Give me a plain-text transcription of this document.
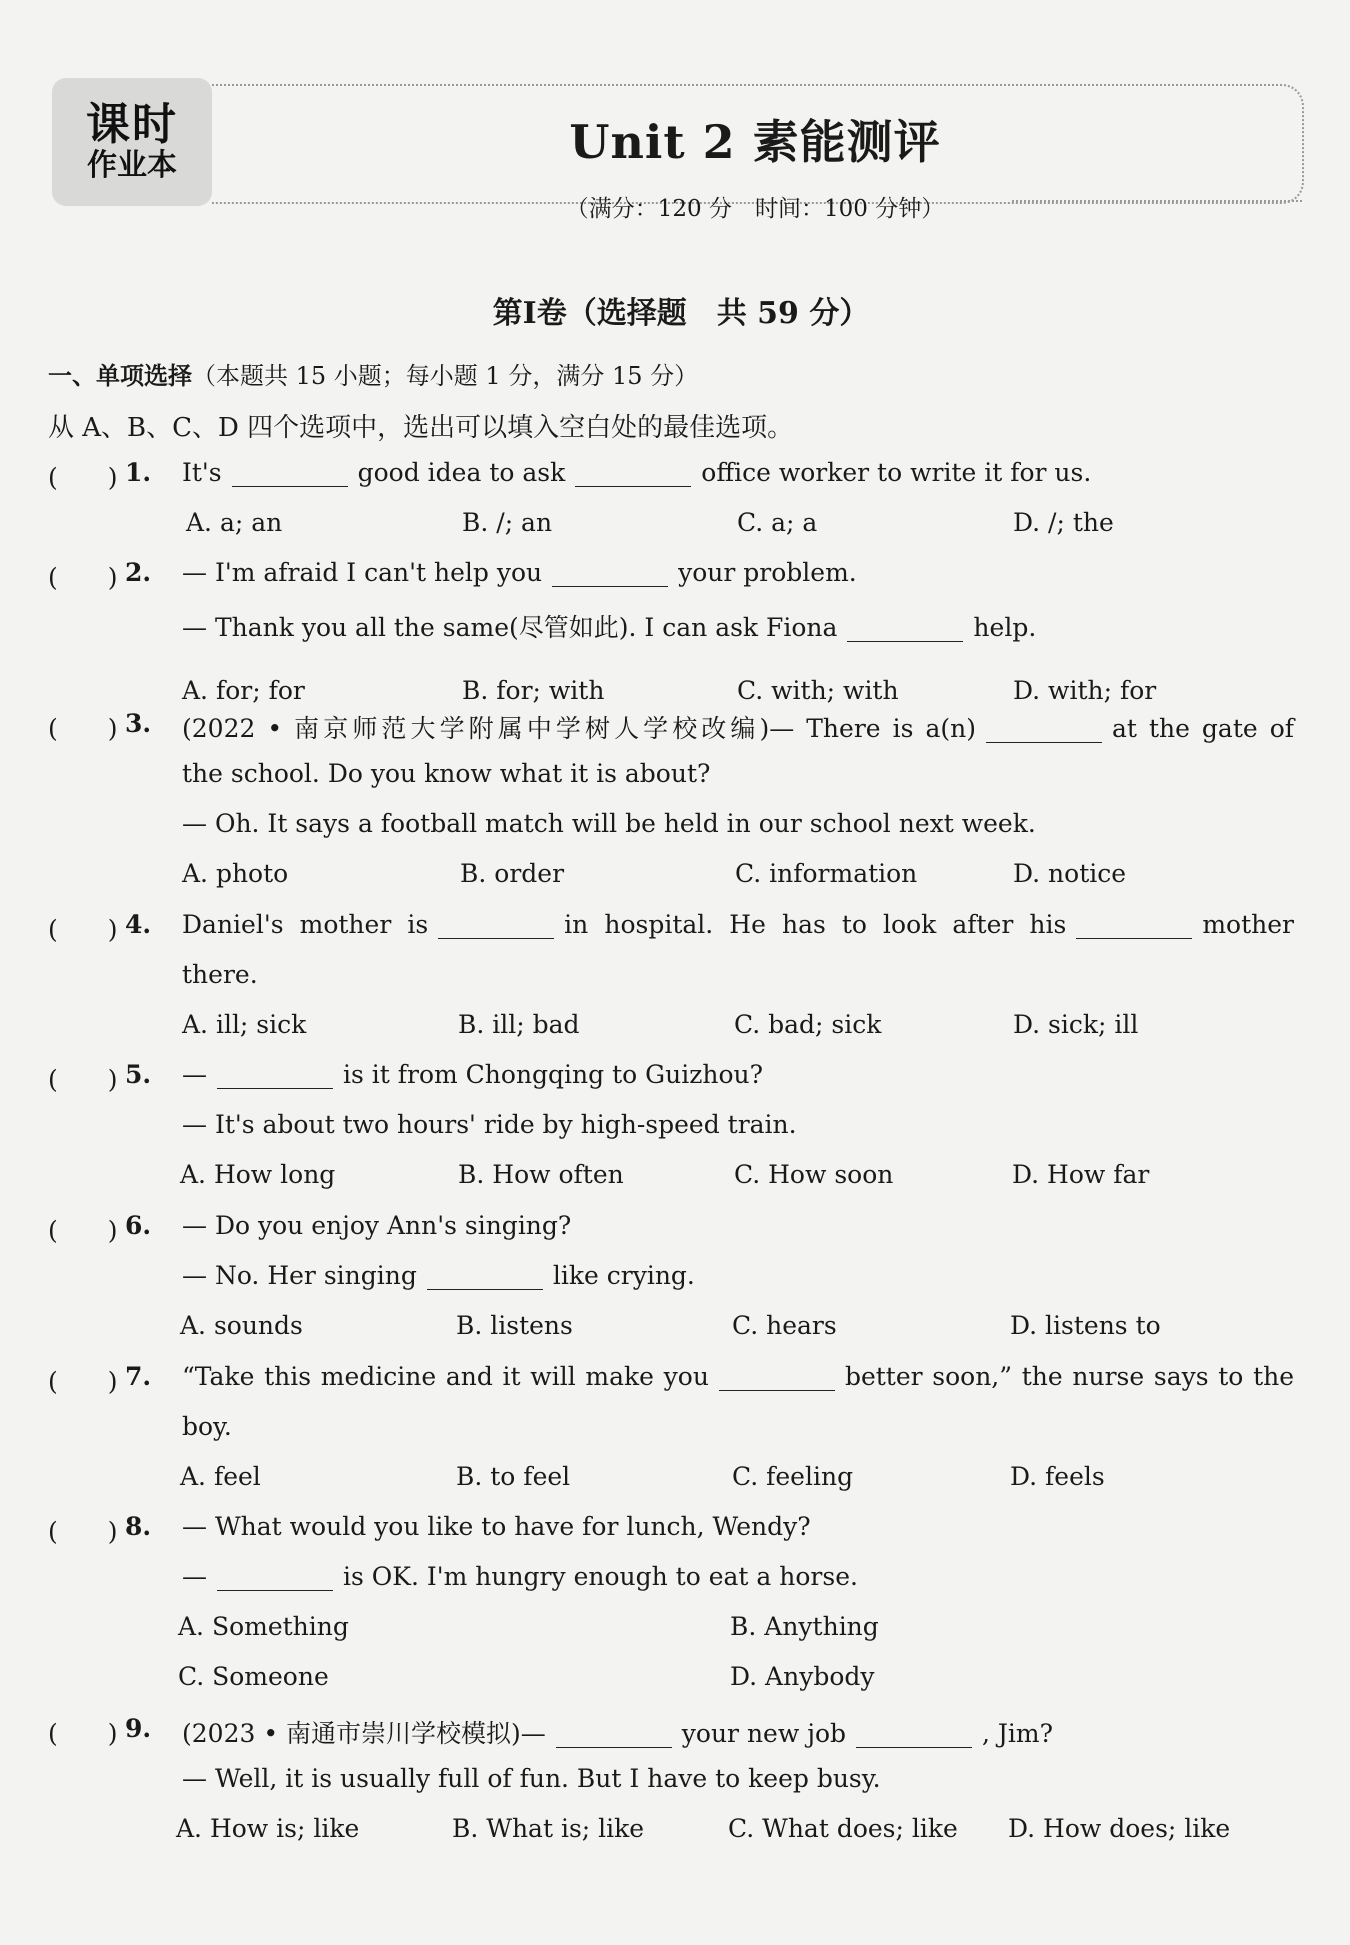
课时
作业本	Unit 2 素能测评
（满分：120 分　时间：100 分钟）
第Ⅰ卷（选择题　共 59 分）
一、单项选择（本题共 15 小题；每小题 1 分，满分 15 分）
从 A、B、C、D 四个选项中，选出可以填入空白处的最佳选项。
(　　) 1. It's	good idea to ask	office worker to write it for us.
A. a; an	B. /; an	C. a; a	D. /; the
(　　) 2. — I'm afraid I can't help you	your problem.
— Thank you all the same(尽管如此). I can ask Fiona	help.
A. for; for	B. for; with	C. with; with	D. with; for
(　　) 3. (2022 • 南京师范大学附属中学树人学校改编)— There is a(n)	at the gate of
the school. Do you know what it is about?
— Oh. It says a football match will be held in our school next week.
A. photo	B. order	C. information	D. notice
(　　) 4. Daniel's mother is	in hospital. He has to look after his	mother
there.
A. ill; sick	B. ill; bad	C. bad; sick	D. sick; ill
(　　) 5. —	is it from Chongqing to Guizhou?
— It's about two hours' ride by high-speed train.
A. How long	B. How often	C. How soon	D. How far
(　　) 6. — Do you enjoy Ann's singing?
— No. Her singing	like crying.
A. sounds	B. listens	C. hears	D. listens to
(　　) 7. “Take this medicine and it will make you	better soon,” the nurse says to the
boy.
A. feel	B. to feel	C. feeling	D. feels
(　　) 8. — What would you like to have for lunch, Wendy?
—	is OK. I'm hungry enough to eat a horse.
A. Something	B. Anything
C. Someone	D. Anybody
(　　) 9. (2023 • 南通市崇川学校模拟)—	your new job	, Jim?
— Well, it is usually full of fun. But I have to keep busy.
A. How is; like	B. What is; like	C. What does; like D. How does; like
